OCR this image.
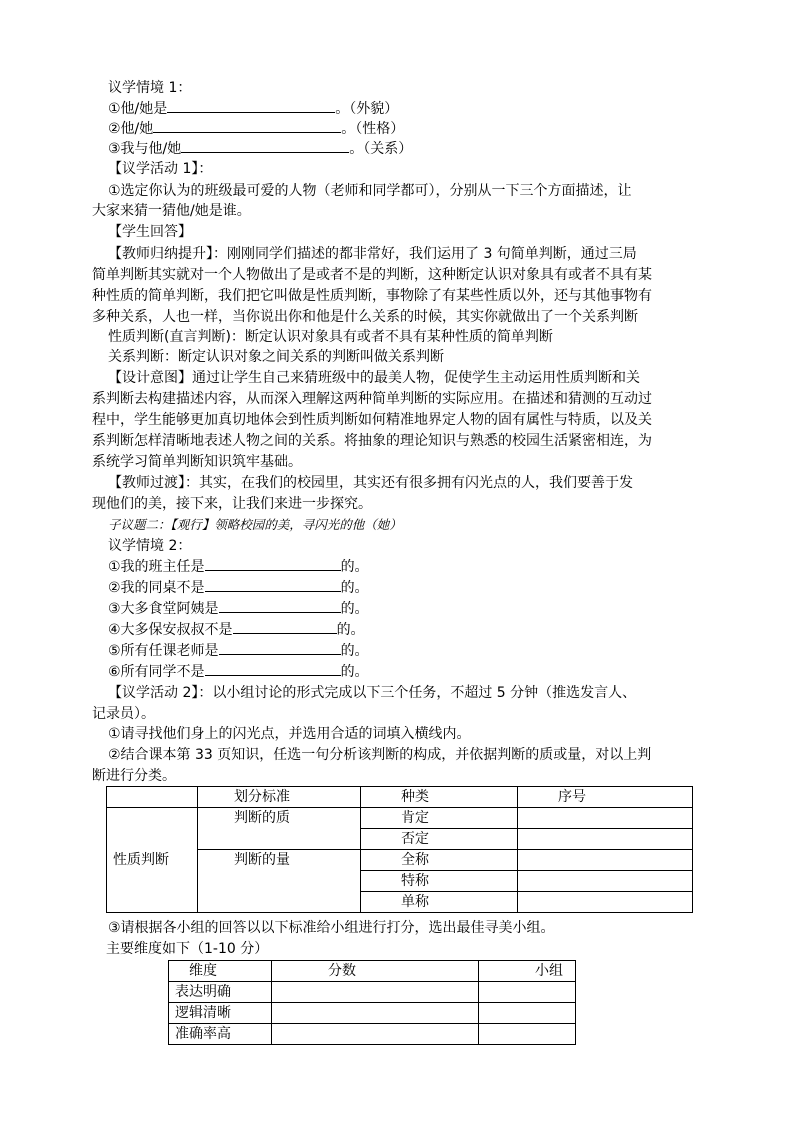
议学情境 1：
①他/她是	。（外貌）
②他/她	。（性格）
③我与他/她	。（关系）
【议学活动 1】：
①选定你认为的班级最可爱的人物（老师和同学都可），分别从一下三个方面描述，让
大家来猜一猜他/她是谁。
【学生回答】
【教师归纳提升】：刚刚同学们描述的都非常好，我们运用了 3 句简单判断，通过三局
简单判断其实就对一个人物做出了是或者不是的判断，这种断定认识对象具有或者不具有某
种性质的简单判断，我们把它叫做是性质判断，事物除了有某些性质以外，还与其他事物有
多种关系，人也一样，当你说出你和他是什么关系的时候，其实你就做出了一个关系判断
性质判断(直言判断)：断定认识对象具有或者不具有某种性质的简单判断
关系判断：断定认识对象之间关系的判断叫做关系判断
【设计意图】通过让学生自己来猜班级中的最美人物，促使学生主动运用性质判断和关
系判断去构建描述内容，从而深入理解这两种简单判断的实际应用。在描述和猜测的互动过
程中，学生能够更加真切地体会到性质判断如何精准地界定人物的固有属性与特质，以及关
系判断怎样清晰地表述人物之间的关系。将抽象的理论知识与熟悉的校园生活紧密相连，为
系统学习简单判断知识筑牢基础。
【教师过渡】：其实，在我们的校园里，其实还有很多拥有闪光点的人，我们要善于发
现他们的美，接下来，让我们来进一步探究。
子议题二：【观行】领略校园的美，寻闪光的他（她）
议学情境 2：
①我的班主任是	的。
②我的同桌不是	的。
③大多食堂阿姨是	的。
④大多保安叔叔不是	的。
⑤所有任课老师是	的。
⑥所有同学不是	的。
【议学活动 2】：以小组讨论的形式完成以下三个任务，不超过 5 分钟（推选发言人、
记录员）。
①请寻找他们身上的闪光点，并选用合适的词填入横线内。
②结合课本第 33 页知识，任选一句分析该判断的构成，并依据判断的质或量，对以上判
断进行分类。
	划分标准	种类	序号
性质判断	判断的质	肯定	
		否定	
	判断的量	全称	
		特称	
		单称	
③请根据各小组的回答以以下标准给小组进行打分，选出最佳寻美小组。
主要维度如下（1-10 分）
维度	分数	小组
表达明确		
逻辑清晰		
准确率高		
